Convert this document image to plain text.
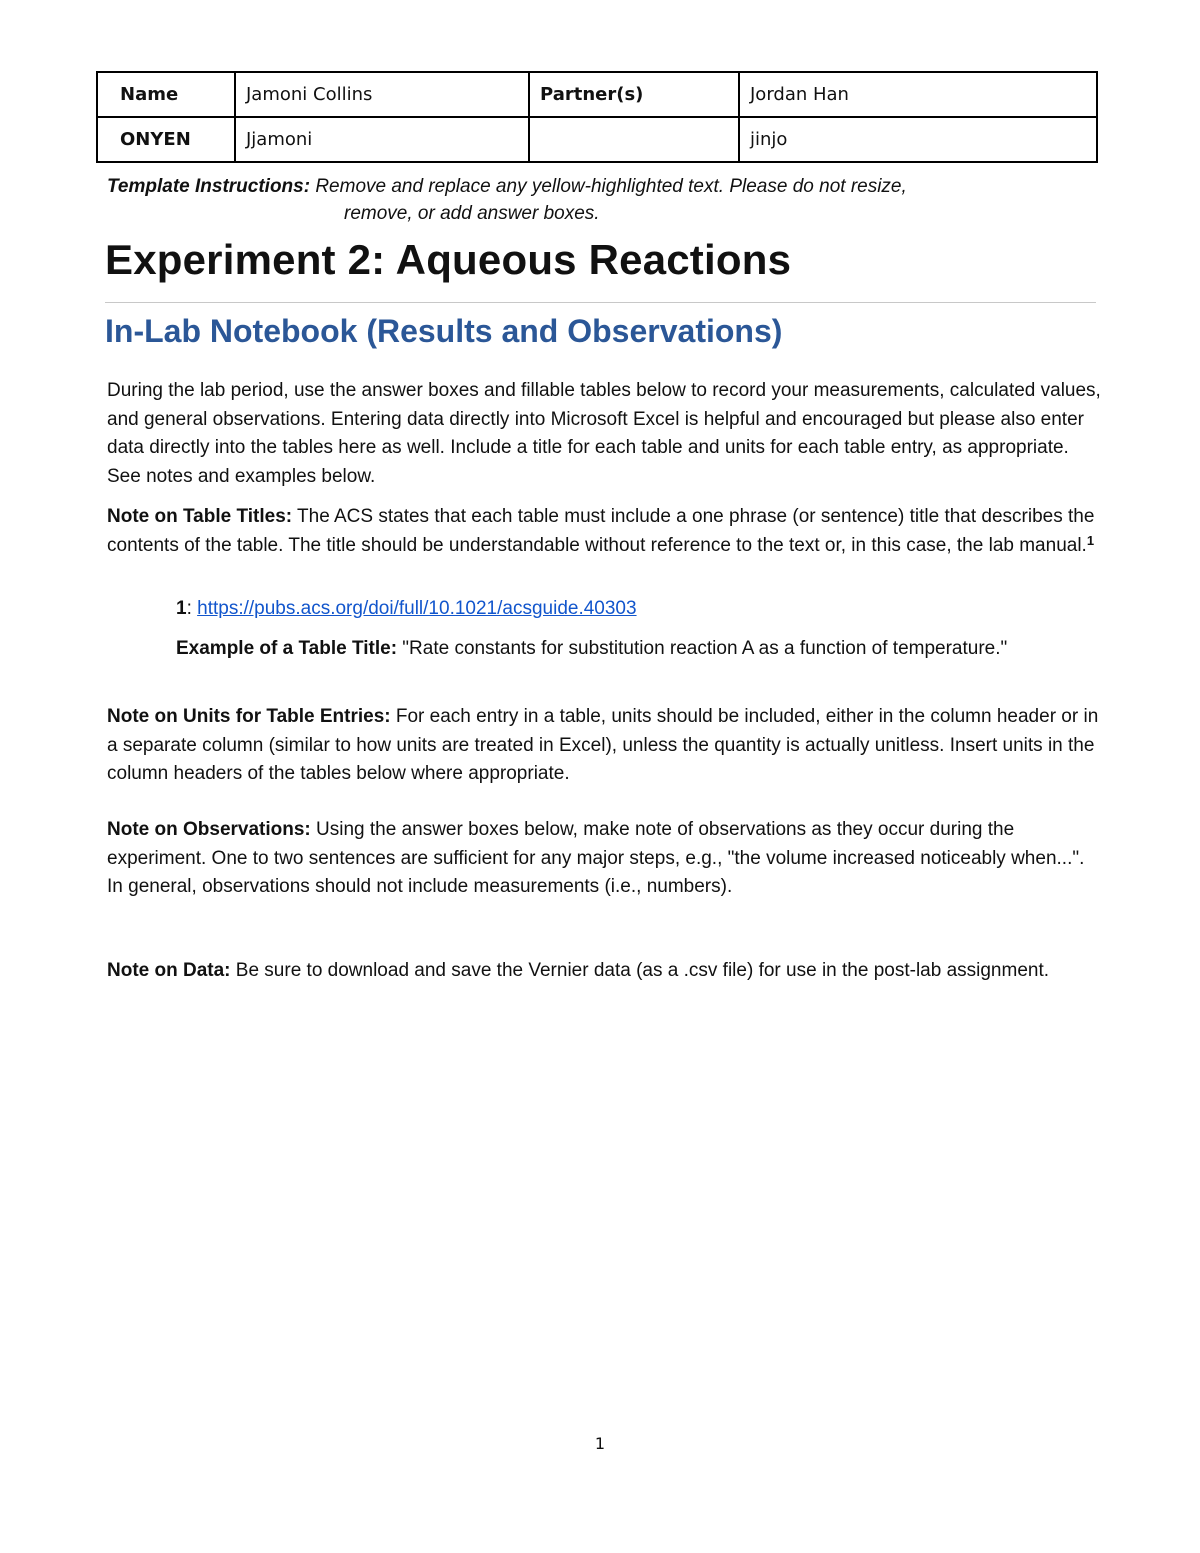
Name	Jamoni Collins	Partner(s)	Jordan Han
ONYEN	Jjamoni		jinjo
Template Instructions:
Remove and replace any yellow-highlighted text. Please do not resize,
remove, or add answer boxes.
Experiment 2: Aqueous Reactions
In-Lab Notebook (Results and Observations)

During the lab period, use the answer boxes and fillable tables below to record your measurements, calculated values, and general observations. Entering data directly into Microsoft Excel is helpful and encouraged but please also enter data directly into the tables here as well. Include a title for each table and units for each table entry, as appropriate. See notes and examples below.

Note on Table Titles: The ACS states that each table must include a one phrase (or sentence) title that describes the contents of the table. The title should be understandable without reference to the text or, in this case, the lab manual.$^1$

1: https://pubs.acs.org/doi/full/10.1021/acsguide.40303

Example of a Table Title: "Rate constants for substitution reaction A as a function of temperature."

Note on Units for Table Entries: For each entry in a table, units should be included, either in the column header or in a separate column (similar to how units are treated in Excel), unless the quantity is actually unitless. Insert units in the column headers of the tables below where appropriate.

Note on Observations: Using the answer boxes below, make note of observations as they occur during the experiment. One to two sentences are sufficient for any major steps, e.g., "the volume increased noticeably when...". In general, observations should not include measurements (i.e., numbers).

Note on Data: Be sure to download and save the Vernier data (as a .csv file) for use in the post-lab assignment.

1
